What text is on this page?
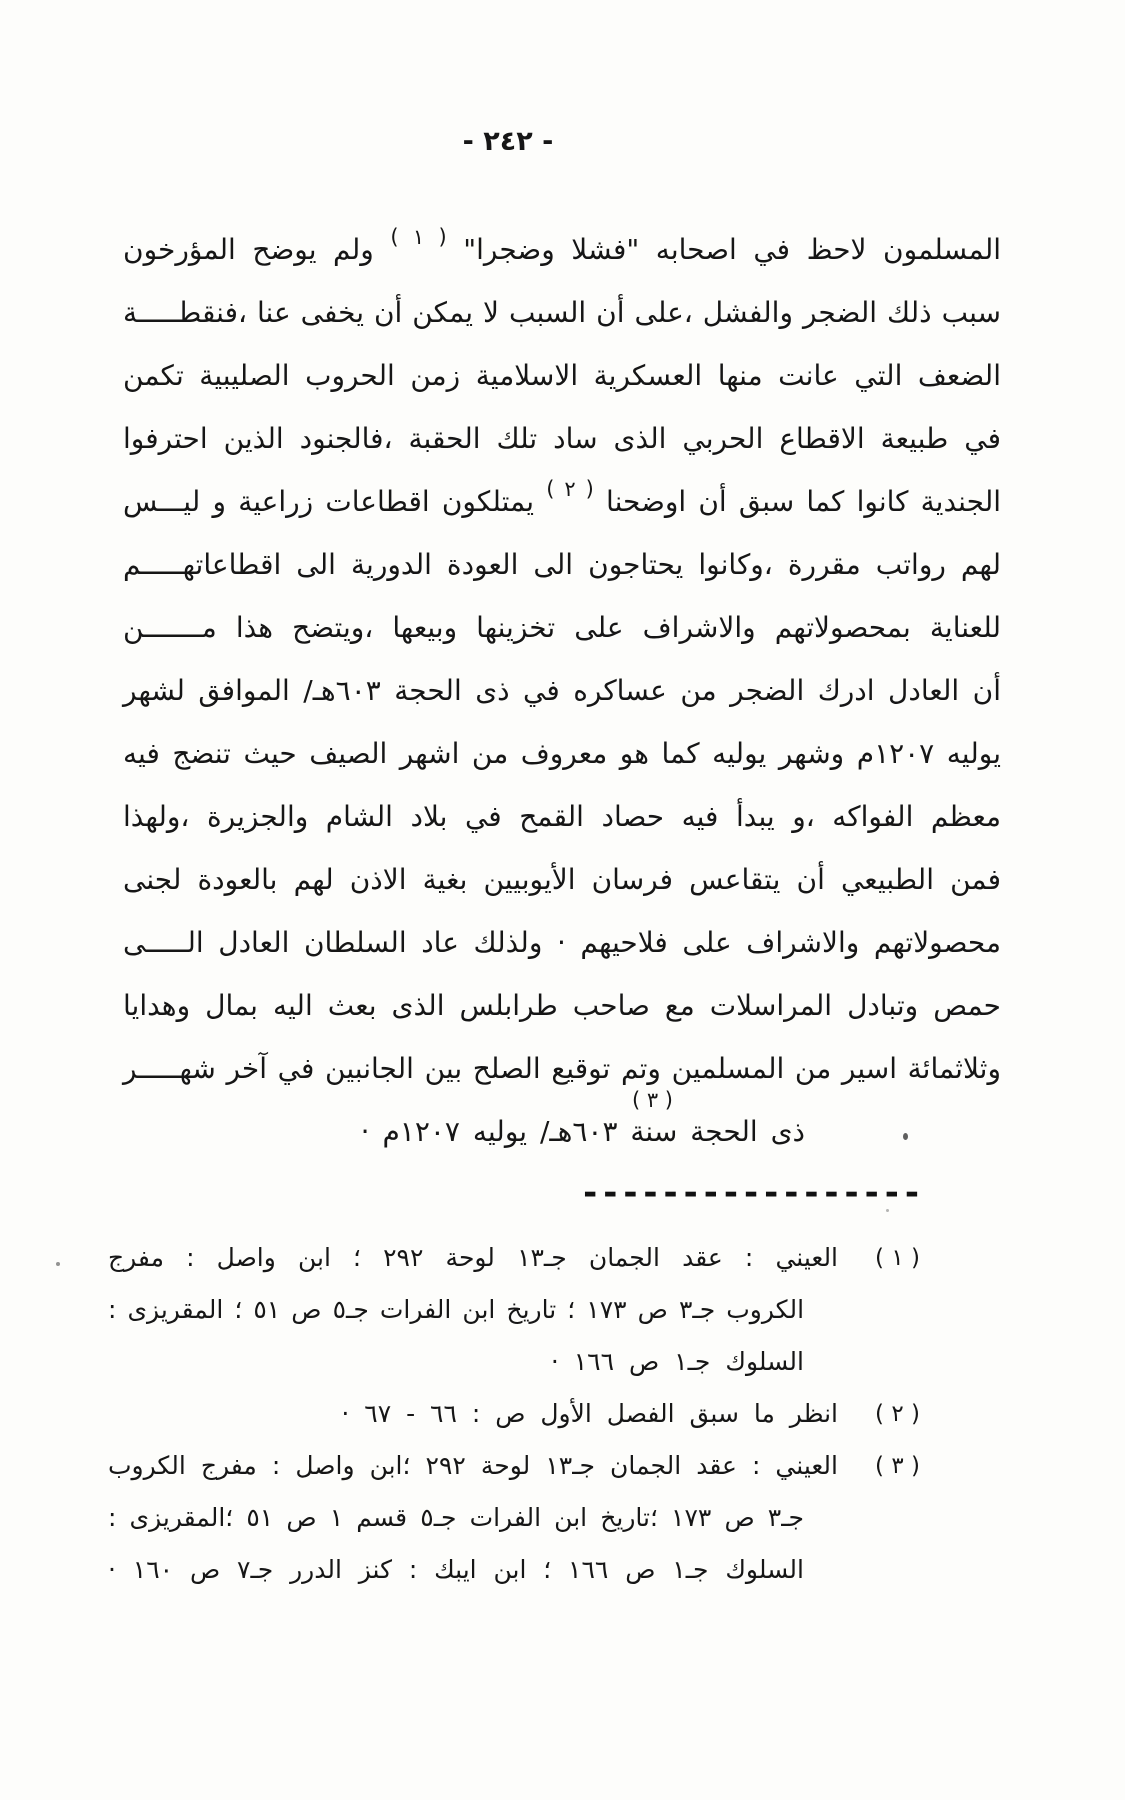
- ٢٤٢ -
المسلمون لاحظ في اصحابه "فشلا وضجرا" $^{( ١ )}$ ولم يوضح المؤرخون
سبب ذلك الضجر والفشل ،على أن السبب لا يمكن أن يخفى عنا ،فنقطـــــة
الضعف التي عانت منها العسكرية الاسلامية زمن الحروب الصليبية تكمن
في طبيعة الاقطاع الحربي الذى ساد تلك الحقبة ،فالجنود الذين احترفوا
الجندية كانوا كما سبق أن اوضحنا $^{( ٢ )}$ يمتلكون اقطاعات زراعية و ليـــس
لهم رواتب مقررة ،وكانوا يحتاجون الى العودة الدورية الى اقطاعاتهـــــم
للعناية بمحصولاتهم والاشراف على تخزينها وبيعها ،ويتضح هذا مـــــــن
أن العادل ادرك الضجر من عساكره في ذى الحجة ٦٠٣هـ/ الموافق لشهر
يوليه ١٢٠٧م وشهر يوليه كما هو معروف من اشهر الصيف حيث تنضج فيه
معظم الفواكه ،و يبدأ فيه حصاد القمح في بلاد الشام والجزيرة ،ولهذا
فمن الطبيعي أن يتقاعس فرسان الأيوبيين بغية الاذن لهم بالعودة لجنى
محصولاتهم والاشراف على فلاحيهم · ولذلك عاد السلطان العادل الـــــى
حمص وتبادل المراسلات مع صاحب طرابلس الذى بعث اليه بمال وهدايا
وثلاثمائة اسير من المسلمين وتم توقيع الصلح بين الجانبين في آخر شهـــــر
( ٣ )
ذى الحجة سنة ٦٠٣هـ/ يوليه ١٢٠٧م ·
-----------------
( ١ )
العيني : عقد الجمان جـ١٣ لوحة ٢٩٢ ؛ ابن واصل : مفرج
الكروب جـ٣ ص ١٧٣ ؛ تاريخ ابن الفرات جـ٥ ص ٥١ ؛ المقريزى :
السلوك جـ١ ص ١٦٦ ·
( ٢ )
انظر ما سبق الفصل الأول ص : ٦٦ - ٦٧ ·
( ٣ )
العيني : عقد الجمان جـ١٣ لوحة ٢٩٢ ؛ابن واصل : مفرج الكروب
جـ٣ ص ١٧٣ ؛تاريخ ابن الفرات جـ٥ قسم ١ ص ٥١ ؛المقريزى :
السلوك جـ١ ص ١٦٦ ؛ ابن ايبك : كنز الدرر جـ٧ ص ١٦٠ ·
